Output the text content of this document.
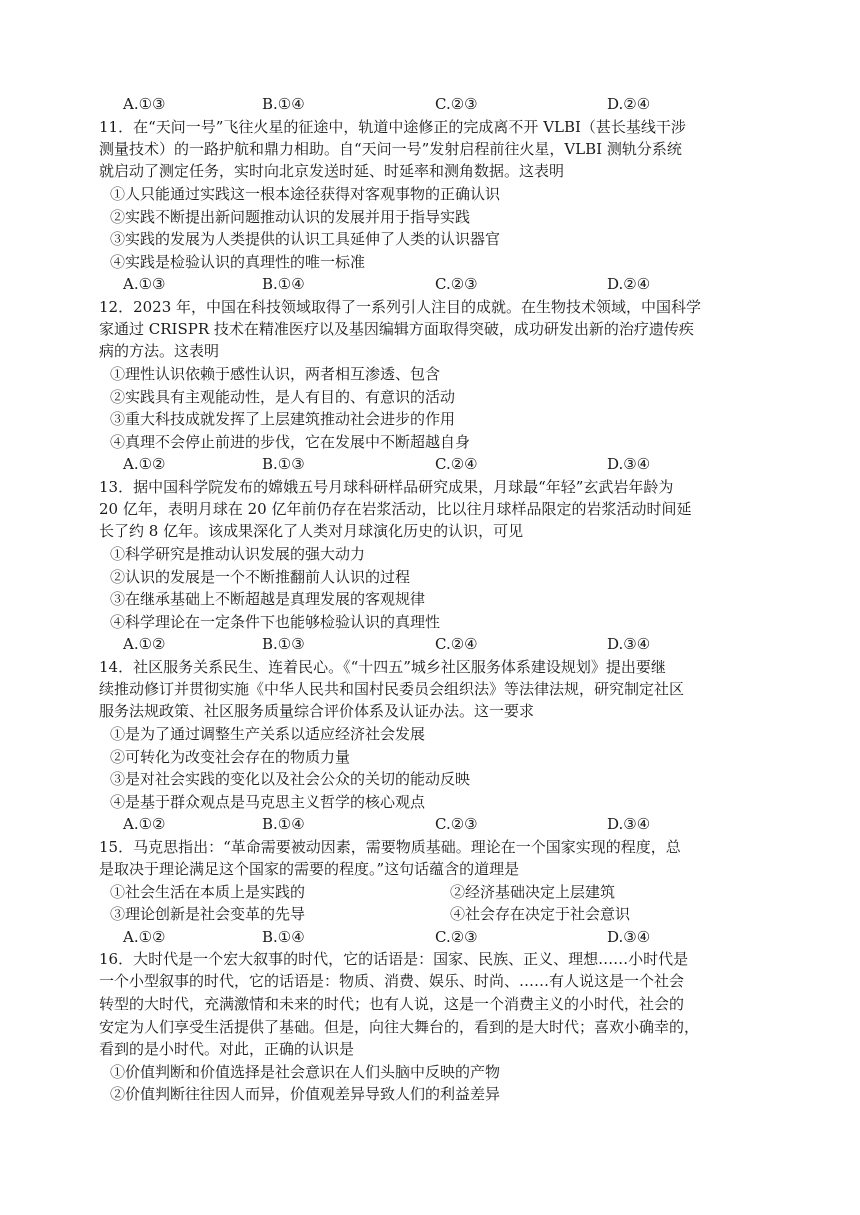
A.①③	B.①④	C.②③	D.②④
11．在“天问一号”飞往火星的征途中，轨道中途修正的完成离不开 VLBI（甚长基线干涉
测量技术）的一路护航和鼎力相助。自“天问一号”发射启程前往火星，VLBI 测轨分系统
就启动了测定任务，实时向北京发送时延、时延率和测角数据。这表明
①人只能通过实践这一根本途径获得对客观事物的正确认识
②实践不断提出新问题推动认识的发展并用于指导实践
③实践的发展为人类提供的认识工具延伸了人类的认识器官
④实践是检验认识的真理性的唯一标准
A.①③	B.①④	C.②③	D.②④
12．2023 年，中国在科技领域取得了一系列引人注目的成就。在生物技术领域，中国科学
家通过 CRISPR 技术在精准医疗以及基因编辑方面取得突破，成功研发出新的治疗遗传疾
病的方法。这表明
①理性认识依赖于感性认识，两者相互渗透、包含
②实践具有主观能动性，是人有目的、有意识的活动
③重大科技成就发挥了上层建筑推动社会进步的作用
④真理不会停止前进的步伐，它在发展中不断超越自身
A.①②	B.①③	C.②④	D.③④
13．据中国科学院发布的嫦娥五号月球科研样品研究成果，月球最“年轻”玄武岩年龄为
20 亿年，表明月球在 20 亿年前仍存在岩浆活动，比以往月球样品限定的岩浆活动时间延
长了约 8 亿年。该成果深化了人类对月球演化历史的认识，可见
①科学研究是推动认识发展的强大动力
②认识的发展是一个不断推翻前人认识的过程
③在继承基础上不断超越是真理发展的客观规律
④科学理论在一定条件下也能够检验认识的真理性
A.①②	B.①③	C.②④	D.③④
14．社区服务关系民生、连着民心。《“十四五”城乡社区服务体系建设规划》提出要继
续推动修订并贯彻实施《中华人民共和国村民委员会组织法》等法律法规，研究制定社区
服务法规政策、社区服务质量综合评价体系及认证办法。这一要求
①是为了通过调整生产关系以适应经济社会发展
②可转化为改变社会存在的物质力量
③是对社会实践的变化以及社会公众的关切的能动反映
④是基于群众观点是马克思主义哲学的核心观点
A.①②	B.①④	C.②③	D.③④
15．马克思指出：“革命需要被动因素，需要物质基础。理论在一个国家实现的程度，总
是取决于理论满足这个国家的需要的程度。”这句话蕴含的道理是
①社会生活在本质上是实践的	②经济基础决定上层建筑
③理论创新是社会变革的先导	④社会存在决定于社会意识
A.①②	B.①④	C.②③	D.③④
16．大时代是一个宏大叙事的时代，它的话语是：国家、民族、正义、理想……小时代是
一个小型叙事的时代，它的话语是：物质、消费、娱乐、时尚、……有人说这是一个社会
转型的大时代，充满激情和未来的时代；也有人说，这是一个消费主义的小时代，社会的
安定为人们享受生活提供了基础。但是，向往大舞台的，看到的是大时代；喜欢小确幸的，
看到的是小时代。对此，正确的认识是
①价值判断和价值选择是社会意识在人们头脑中反映的产物
②价值判断往往因人而异，价值观差异导致人们的利益差异
